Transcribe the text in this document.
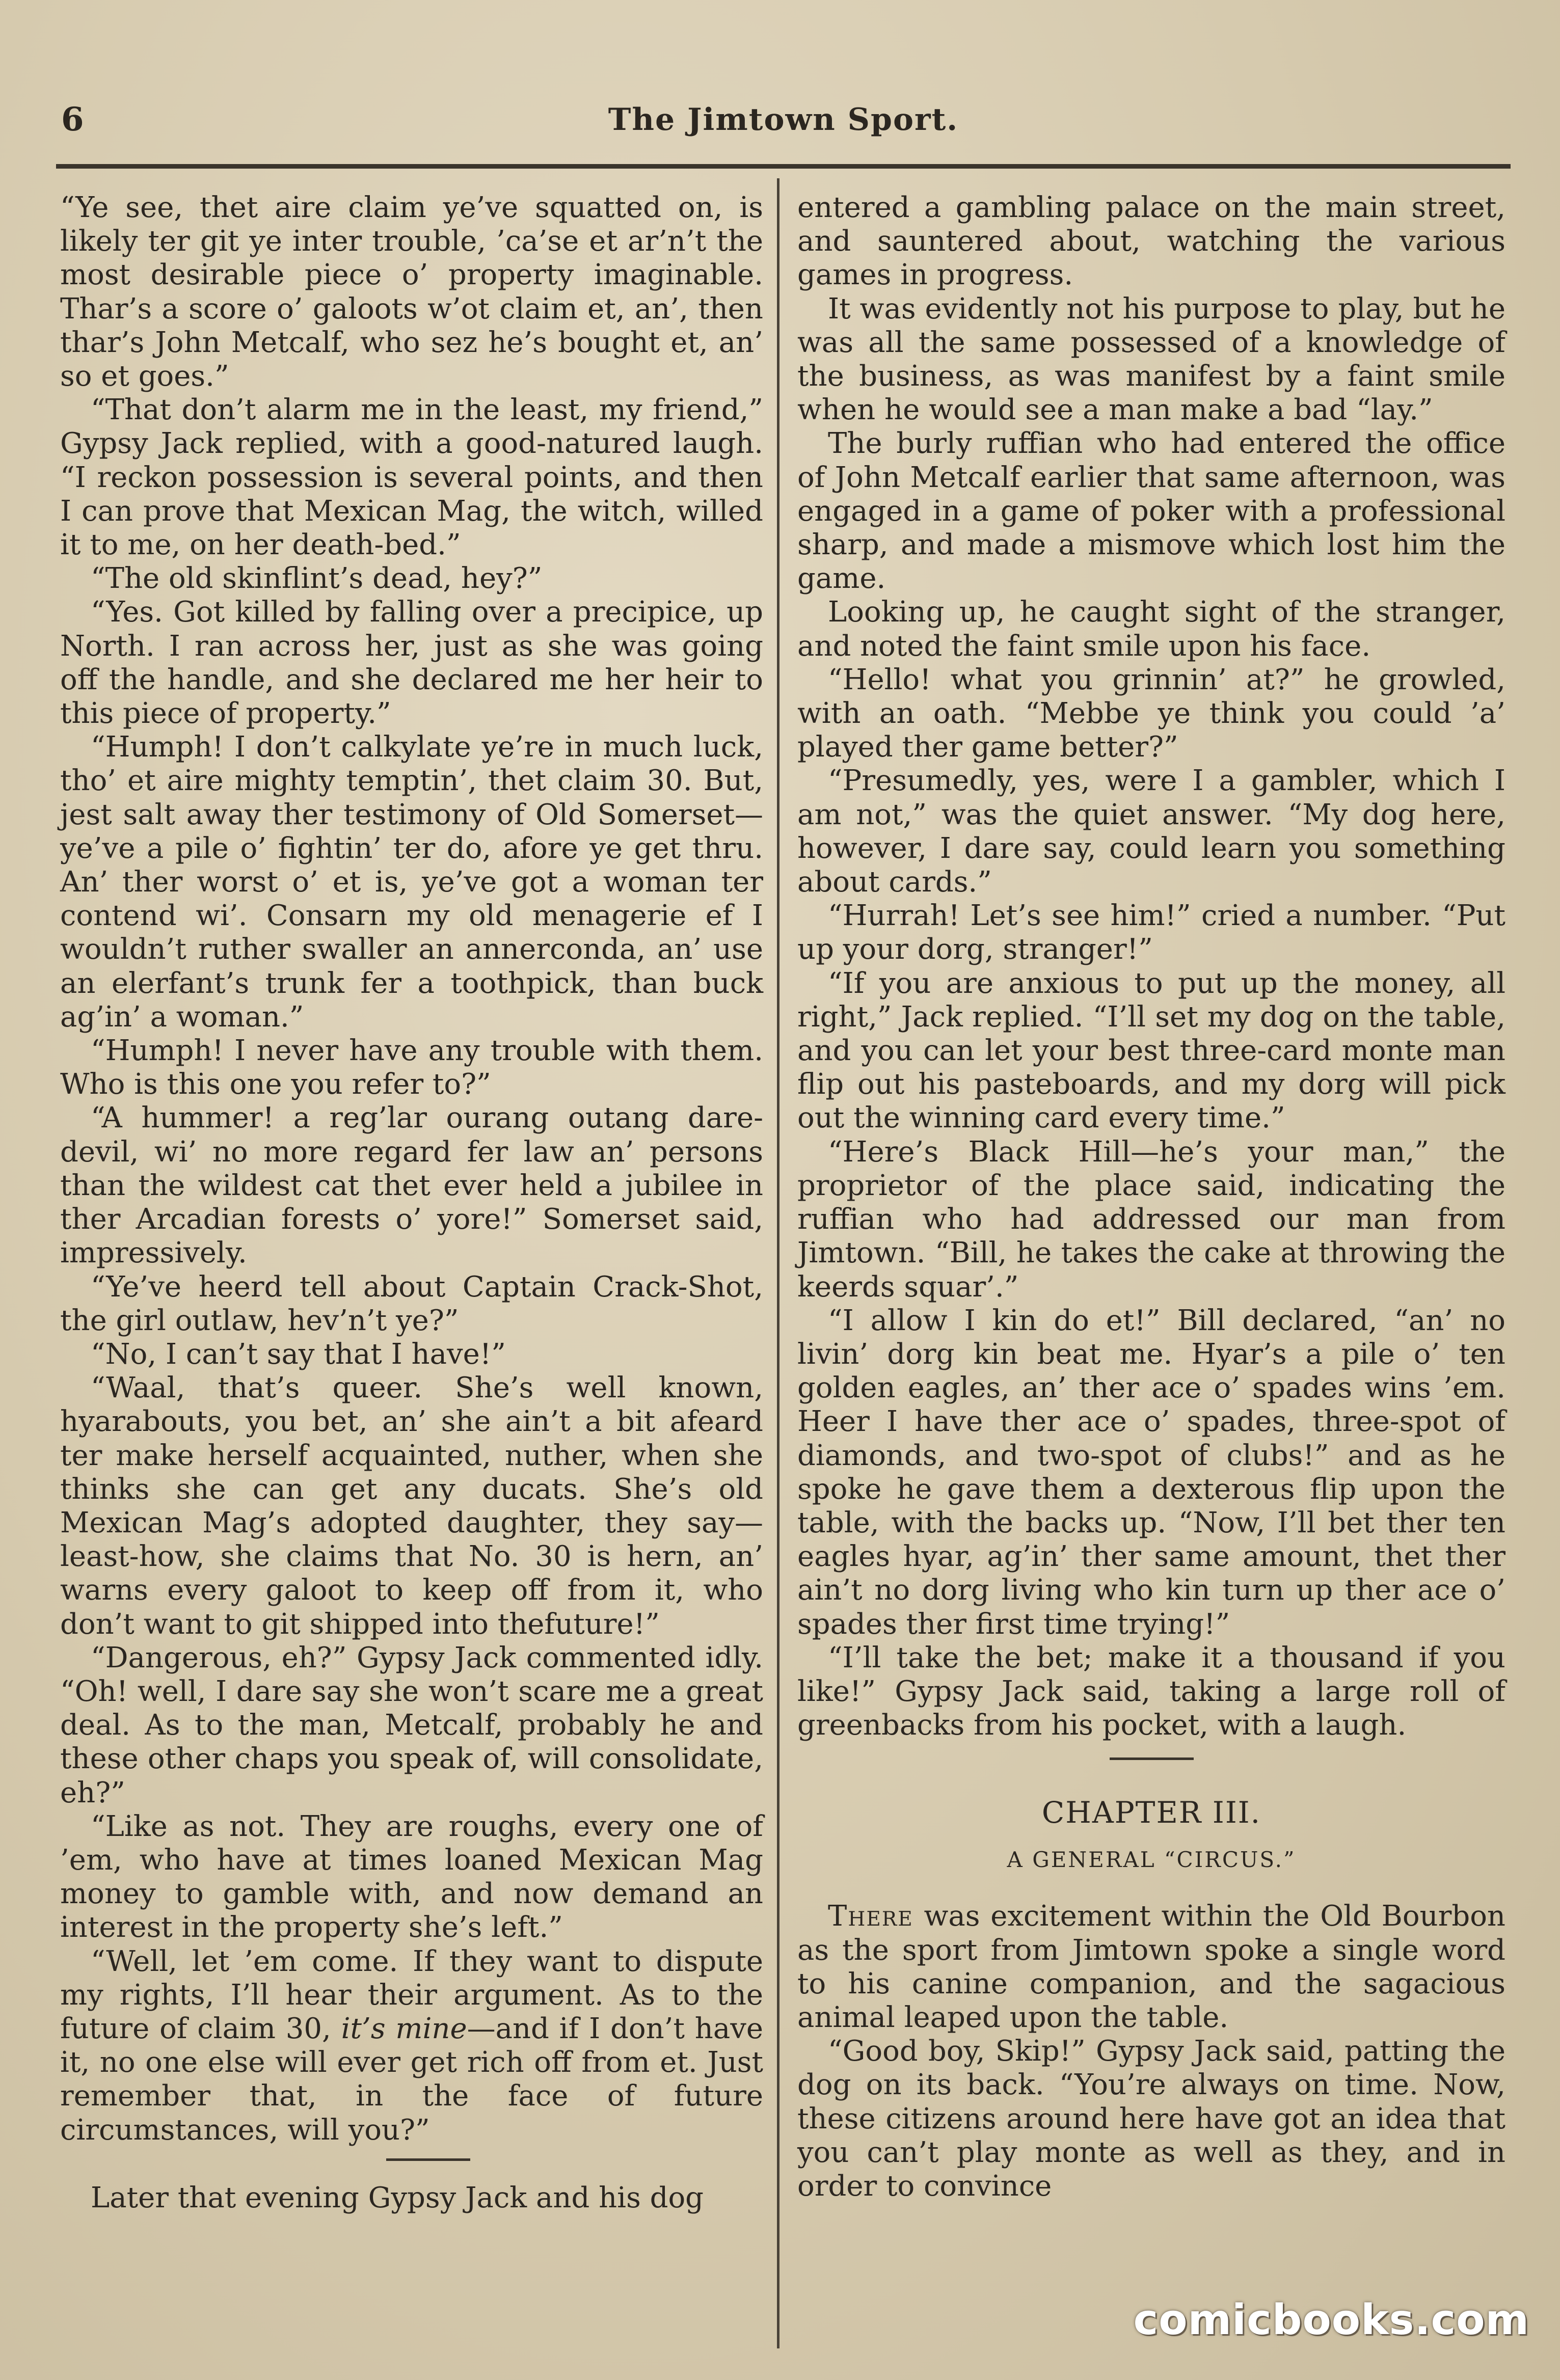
6	The Jimtown Sport.

“Ye see, thet aire claim ye’ve squatted on, is likely ter git ye inter trouble, ’ca’se et ar’n’t the most desirable piece o’ property imaginable. Thar’s a score o’ galoots w’ot claim et, an’, then thar’s John Metcalf, who sez he’s bought et, an’ so et goes.”

“That don’t alarm me in the least, my friend,” Gypsy Jack replied, with a good-natured laugh. “I reckon possession is several points, and then I can prove that Mexican Mag, the witch, willed it to me, on her death-bed.”

“The old skinflint’s dead, hey?”

“Yes. Got killed by falling over a precipice, up North. I ran across her, just as she was going off the handle, and she declared me her heir to this piece of property.”

“Humph! I don’t calkylate ye’re in much luck, tho’ et aire mighty temptin’, thet claim 30. But, jest salt away ther testimony of Old Somerset—ye’ve a pile o’ fightin’ ter do, afore ye get thru. An’ ther worst o’ et is, ye’ve got a woman ter contend wi’. Consarn my old menagerie ef I wouldn’t ruther swaller an annerconda, an’ use an elerfant’s trunk fer a toothpick, than buck ag’in’ a woman.”

“Humph! I never have any trouble with them. Who is this one you refer to?”

“A hummer! a reg’lar ourang outang dare-devil, wi’ no more regard fer law an’ persons than the wildest cat thet ever held a jubilee in ther Arcadian forests o’ yore!” Somerset said, impressively.

“Ye’ve heerd tell about Captain Crack-Shot, the girl outlaw, hev’n’t ye?”

“No, I can’t say that I have!”

“Waal, that’s queer. She’s well known, hyarabouts, you bet, an’ she ain’t a bit afeard ter make herself acquainted, nuther, when she thinks she can get any ducats. She’s old Mexican Mag’s adopted daughter, they say—least-how, she claims that No. 30 is hern, an’ warns every galoot to keep off from it, who don’t want to git shipped into thefuture!”

“Dangerous, eh?” Gypsy Jack commented idly. “Oh! well, I dare say she won’t scare me a great deal. As to the man, Metcalf, probably he and these other chaps you speak of, will consolidate, eh?”

“Like as not. They are roughs, every one of ’em, who have at times loaned Mexican Mag money to gamble with, and now demand an interest in the property she’s left.”

“Well, let ’em come. If they want to dispute my rights, I’ll hear their argument. As to the future of claim 30, it’s mine—and if I don’t have it, no one else will ever get rich off from et. Just remember that, in the face of future circumstances, will you?”

Later that evening Gypsy Jack and his dog

entered a gambling palace on the main street, and sauntered about, watching the various games in progress.

It was evidently not his purpose to play, but he was all the same possessed of a knowledge of the business, as was manifest by a faint smile when he would see a man make a bad “lay.”

The burly ruffian who had entered the office of John Metcalf earlier that same afternoon, was engaged in a game of poker with a professional sharp, and made a mismove which lost him the game.

Looking up, he caught sight of the stranger, and noted the faint smile upon his face.

“Hello! what you grinnin’ at?” he growled, with an oath. “Mebbe ye think you could ’a’ played ther game better?”

“Presumedly, yes, were I a gambler, which I am not,” was the quiet answer. “My dog here, however, I dare say, could learn you something about cards.”

“Hurrah! Let’s see him!” cried a number. “Put up your dorg, stranger!”

“If you are anxious to put up the money, all right,” Jack replied. “I’ll set my dog on the table, and you can let your best three-card monte man flip out his pasteboards, and my dorg will pick out the winning card every time.”

“Here’s Black Hill—he’s your man,” the proprietor of the place said, indicating the ruffian who had addressed our man from Jimtown. “Bill, he takes the cake at throwing the keerds squar’.”

“I allow I kin do et!” Bill declared, “an’ no livin’ dorg kin beat me. Hyar’s a pile o’ ten golden eagles, an’ ther ace o’ spades wins ’em. Heer I have ther ace o’ spades, three-spot of diamonds, and two-spot of clubs!” and as he spoke he gave them a dexterous flip upon the table, with the backs up. “Now, I’ll bet ther ten eagles hyar, ag’in’ ther same amount, thet ther ain’t no dorg living who kin turn up ther ace o’ spades ther first time trying!”

“I’ll take the bet; make it a thousand if you like!” Gypsy Jack said, taking a large roll of greenbacks from his pocket, with a laugh.

CHAPTER III.
A GENERAL “CIRCUS.”

There was excitement within the Old Bourbon as the sport from Jimtown spoke a single word to his canine companion, and the sagacious animal leaped upon the table.

“Good boy, Skip!” Gypsy Jack said, patting the dog on its back. “You’re always on time. Now, these citizens around here have got an idea that you can’t play monte as well as they, and in order to convince

comicbooks.com
